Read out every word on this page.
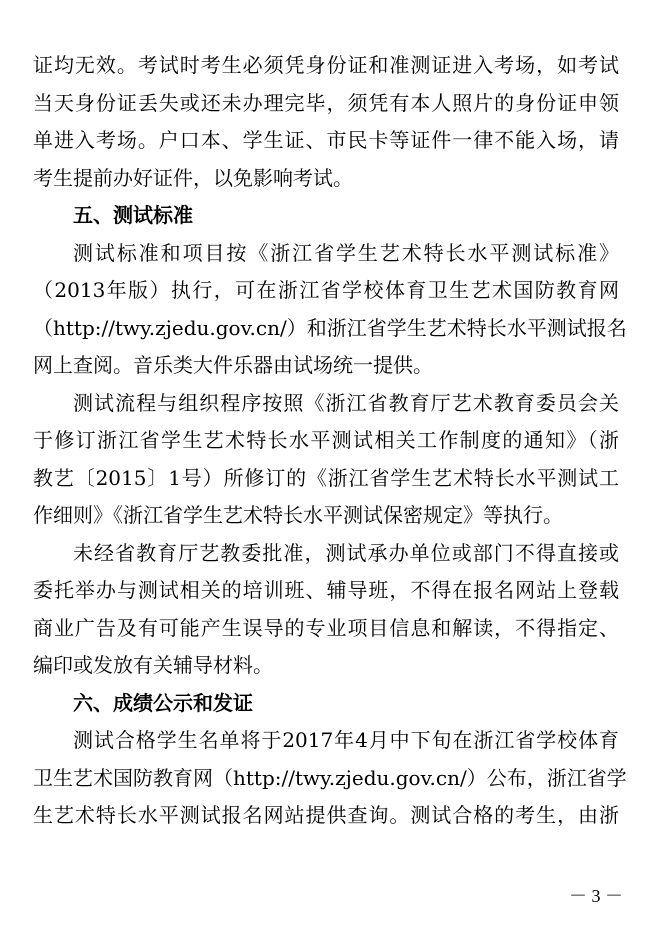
证均无效。考试时考生必须凭身份证和准测证进入考场，如考试
当天身份证丢失或还未办理完毕，须凭有本人照片的身份证申领
单进入考场。户口本、学生证、市民卡等证件一律不能入场，请
考生提前办好证件，以免影响考试。
五、测试标准
测试标准和项目按《浙江省学生艺术特长水平测试标准》
（2013年版）执行，可在浙江省学校体育卫生艺术国防教育网
（http://twy.zjedu.gov.cn/）和浙江省学生艺术特长水平测试报名
网上查阅。音乐类大件乐器由试场统一提供。
测试流程与组织程序按照《浙江省教育厅艺术教育委员会关
于修订浙江省学生艺术特长水平测试相关工作制度的通知》（浙
教艺〔2015〕1号）所修订的《浙江省学生艺术特长水平测试工
作细则》《浙江省学生艺术特长水平测试保密规定》等执行。
未经省教育厅艺教委批准，测试承办单位或部门不得直接或
委托举办与测试相关的培训班、辅导班，不得在报名网站上登载
商业广告及有可能产生误导的专业项目信息和解读，不得指定、
编印或发放有关辅导材料。
六、成绩公示和发证
测试合格学生名单将于2017年4月中下旬在浙江省学校体育
卫生艺术国防教育网（http://twy.zjedu.gov.cn/）公布，浙江省学
生艺术特长水平测试报名网站提供查询。测试合格的考生，由浙
－ 3 －
